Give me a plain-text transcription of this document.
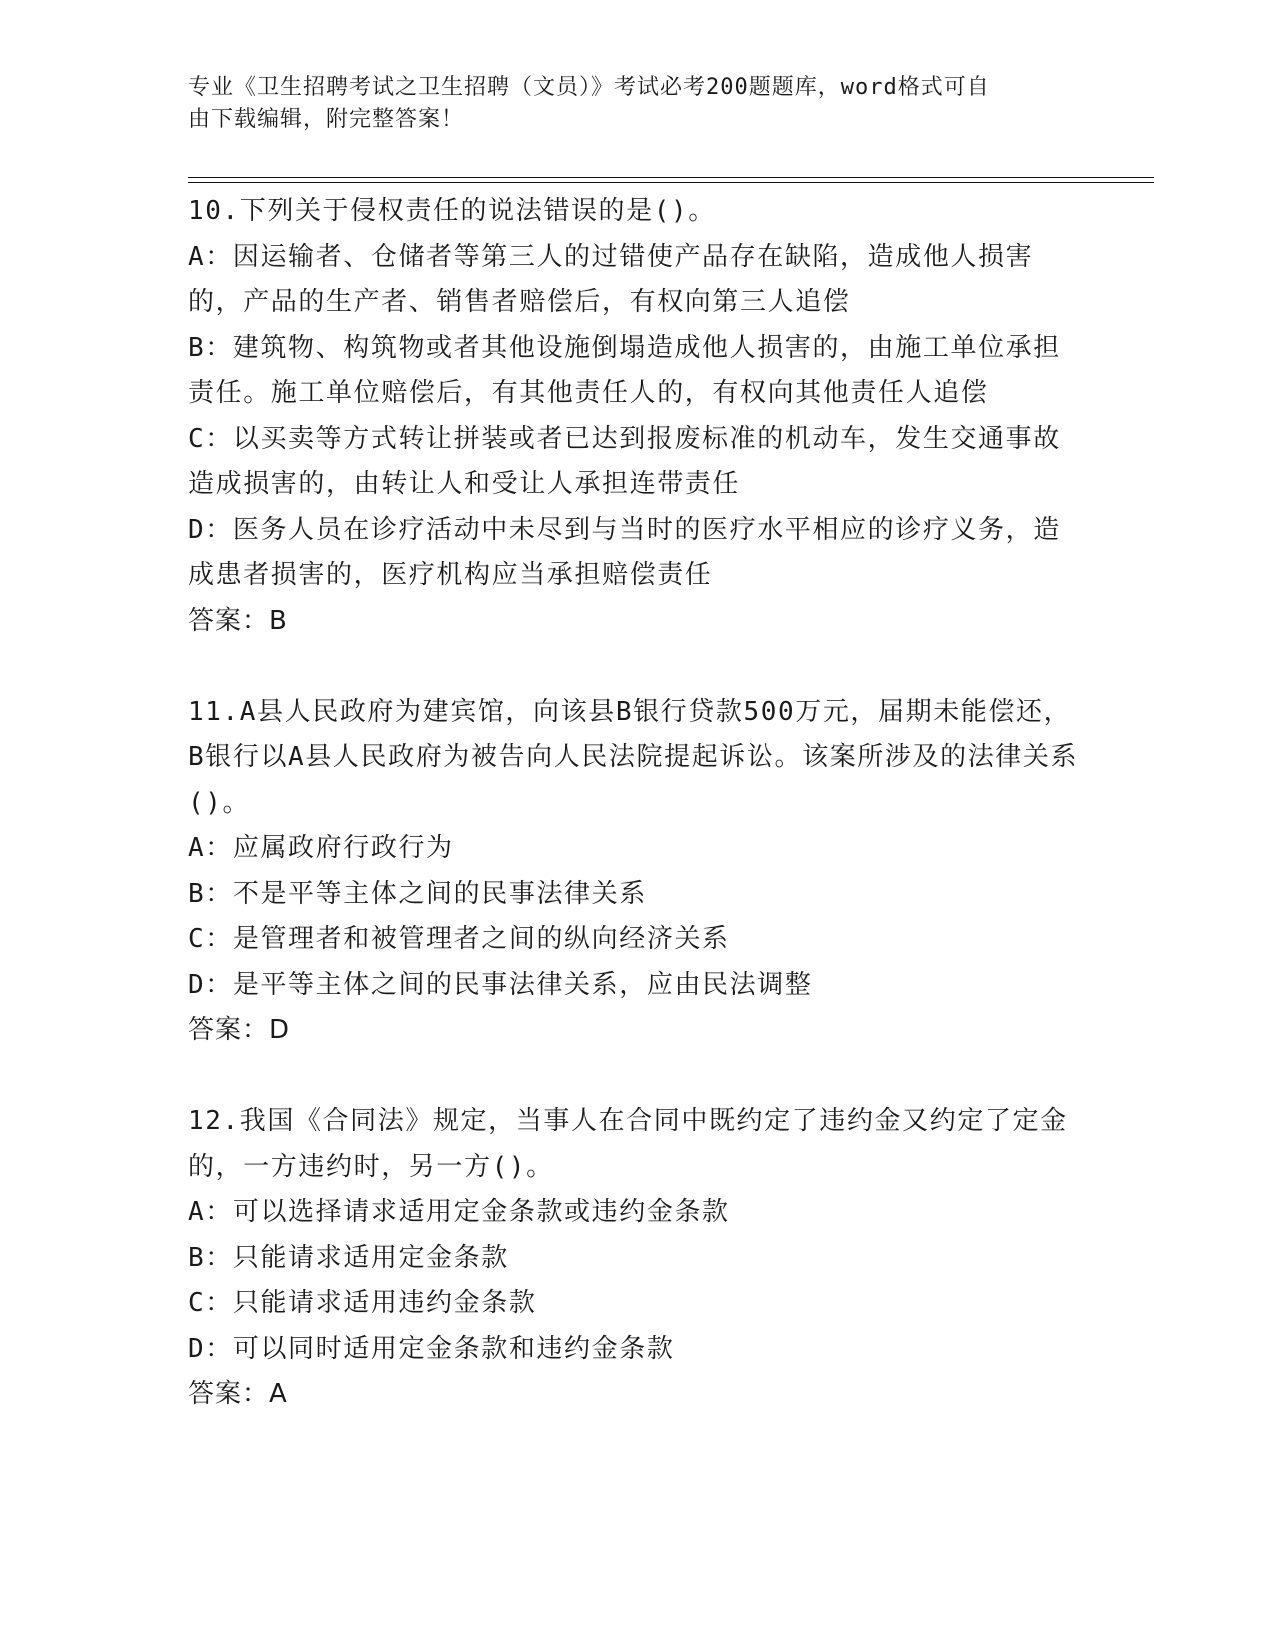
专业《卫生招聘考试之卫生招聘（文员）》考试必考200题题库，word格式可自
由下载编辑，附完整答案！
10.下列关于侵权责任的说法错误的是()。
A：因运输者、仓储者等第三人的过错使产品存在缺陷，造成他人损害的，产品的生产者、销售者赔偿后，有权向第三人追偿
B：建筑物、构筑物或者其他设施倒塌造成他人损害的，由施工单位承担责任。施工单位赔偿后，有其他责任人的，有权向其他责任人追偿
C：以买卖等方式转让拼装或者已达到报废标准的机动车，发生交通事故造成损害的，由转让人和受让人承担连带责任
D：医务人员在诊疗活动中未尽到与当时的医疗水平相应的诊疗义务，造成患者损害的，医疗机构应当承担赔偿责任
答案：B
11.A县人民政府为建宾馆，向该县B银行贷款500万元，届期未能偿还，B银行以A县人民政府为被告向人民法院提起诉讼。该案所涉及的法律关系()。
A：应属政府行政行为
B：不是平等主体之间的民事法律关系
C：是管理者和被管理者之间的纵向经济关系
D：是平等主体之间的民事法律关系，应由民法调整
答案：D
12.我国《合同法》规定，当事人在合同中既约定了违约金又约定了定金的，一方违约时，另一方()。
A：可以选择请求适用定金条款或违约金条款
B：只能请求适用定金条款
C：只能请求适用违约金条款
D：可以同时适用定金条款和违约金条款
答案：A
